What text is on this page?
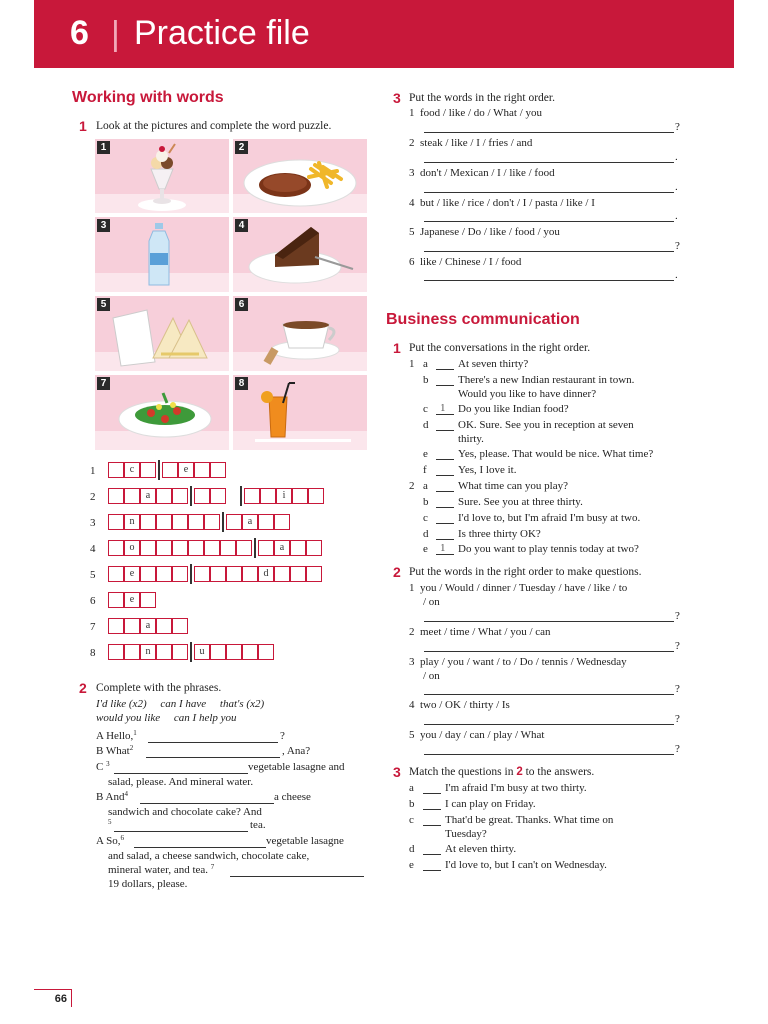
6 | Practice file
Working with words
1 Look at the pictures and complete the word puzzle.
1	2
3	4
5	6
7	8
1	c	e
2	a	i
3	n	a
4	o	a
5	e	d
6	e
7	a
8	n	u
2 Complete with the phrases.
I'd like (x2)     can I have     that's (x2)
would you like     can I help you
A Hello,$^1$	?
B What$^2$	, Ana?
C $^3$	vegetable lasagne and
salad, please. And mineral water.
B And$^4$	a cheese
sandwich and chocolate cake? And
$^5$	tea.
A So,$^6$	vegetable lasagne
and salad, a cheese sandwich, chocolate cake,
mineral water, and tea. $^7$
19 dollars, please.
3 Put the words in the right order.
1 food / like / do / What / you
?
2 steak / like / I / fries / and
.
3 don't / Mexican / I / like / food
.
4 but / like / rice / don't / I / pasta / like / I
.
5 Japanese / Do / like / food / you
?
6 like / Chinese / I / food
.
Business communication
1 Put the conversations in the right order.
1 a	At seven thirty?
b	There's a new Indian restaurant in town.
Would you like to have dinner?
c 1 Do you like Indian food?
d	OK. Sure. See you in reception at seven
thirty.
e	Yes, please. That would be nice. What time?
f	Yes, I love it.
2 a	What time can you play?
b	Sure. See you at three thirty.
c	I'd love to, but I'm afraid I'm busy at two.
d	Is three thirty OK?
e 1 Do you want to play tennis today at two?
2 Put the words in the right order to make questions.
1 you / Would / dinner / Tuesday / have / like / to
/ on
?
2 meet / time / What / you / can
?
3 play / you / want / to / Do / tennis / Wednesday
/ on
?
4 two / OK / thirty / Is
?
5 you / day / can / play / What
?
3 Match the questions in 2 to the answers.
a	I'm afraid I'm busy at two thirty.
b	I can play on Friday.
c	That'd be great. Thanks. What time on
Tuesday?
d	At eleven thirty.
e	I'd love to, but I can't on Wednesday.
66
